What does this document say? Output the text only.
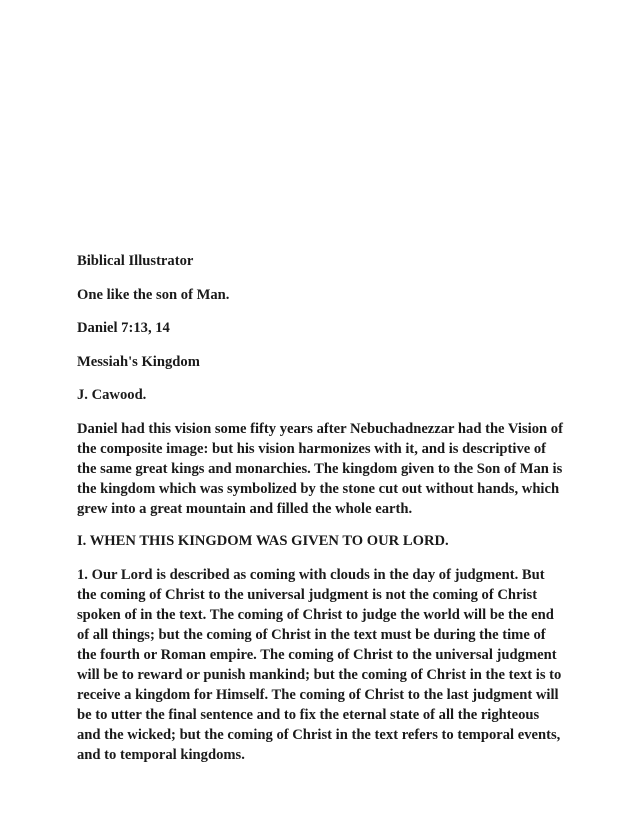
Biblical Illustrator
One like the son of Man.
Daniel 7:13, 14
Messiah's Kingdom
J. Cawood.
Daniel had this vision some fifty years after Nebuchadnezzar had the Vision of
the composite image: but his vision harmonizes with it, and is descriptive of
the same great kings and monarchies. The kingdom given to the Son of Man is
the kingdom which was symbolized by the stone cut out without hands, which
grew into a great mountain and filled the whole earth.
I. WHEN THIS KINGDOM WAS GIVEN TO OUR LORD.
1. Our Lord is described as coming with clouds in the day of judgment. But
the coming of Christ to the universal judgment is not the coming of Christ
spoken of in the text. The coming of Christ to judge the world will be the end
of all things; but the coming of Christ in the text must be during the time of
the fourth or Roman empire. The coming of Christ to the universal judgment
will be to reward or punish mankind; but the coming of Christ in the text is to
receive a kingdom for Himself. The coming of Christ to the last judgment will
be to utter the final sentence and to fix the eternal state of all the righteous
and the wicked; but the coming of Christ in the text refers to temporal events,
and to temporal kingdoms.
